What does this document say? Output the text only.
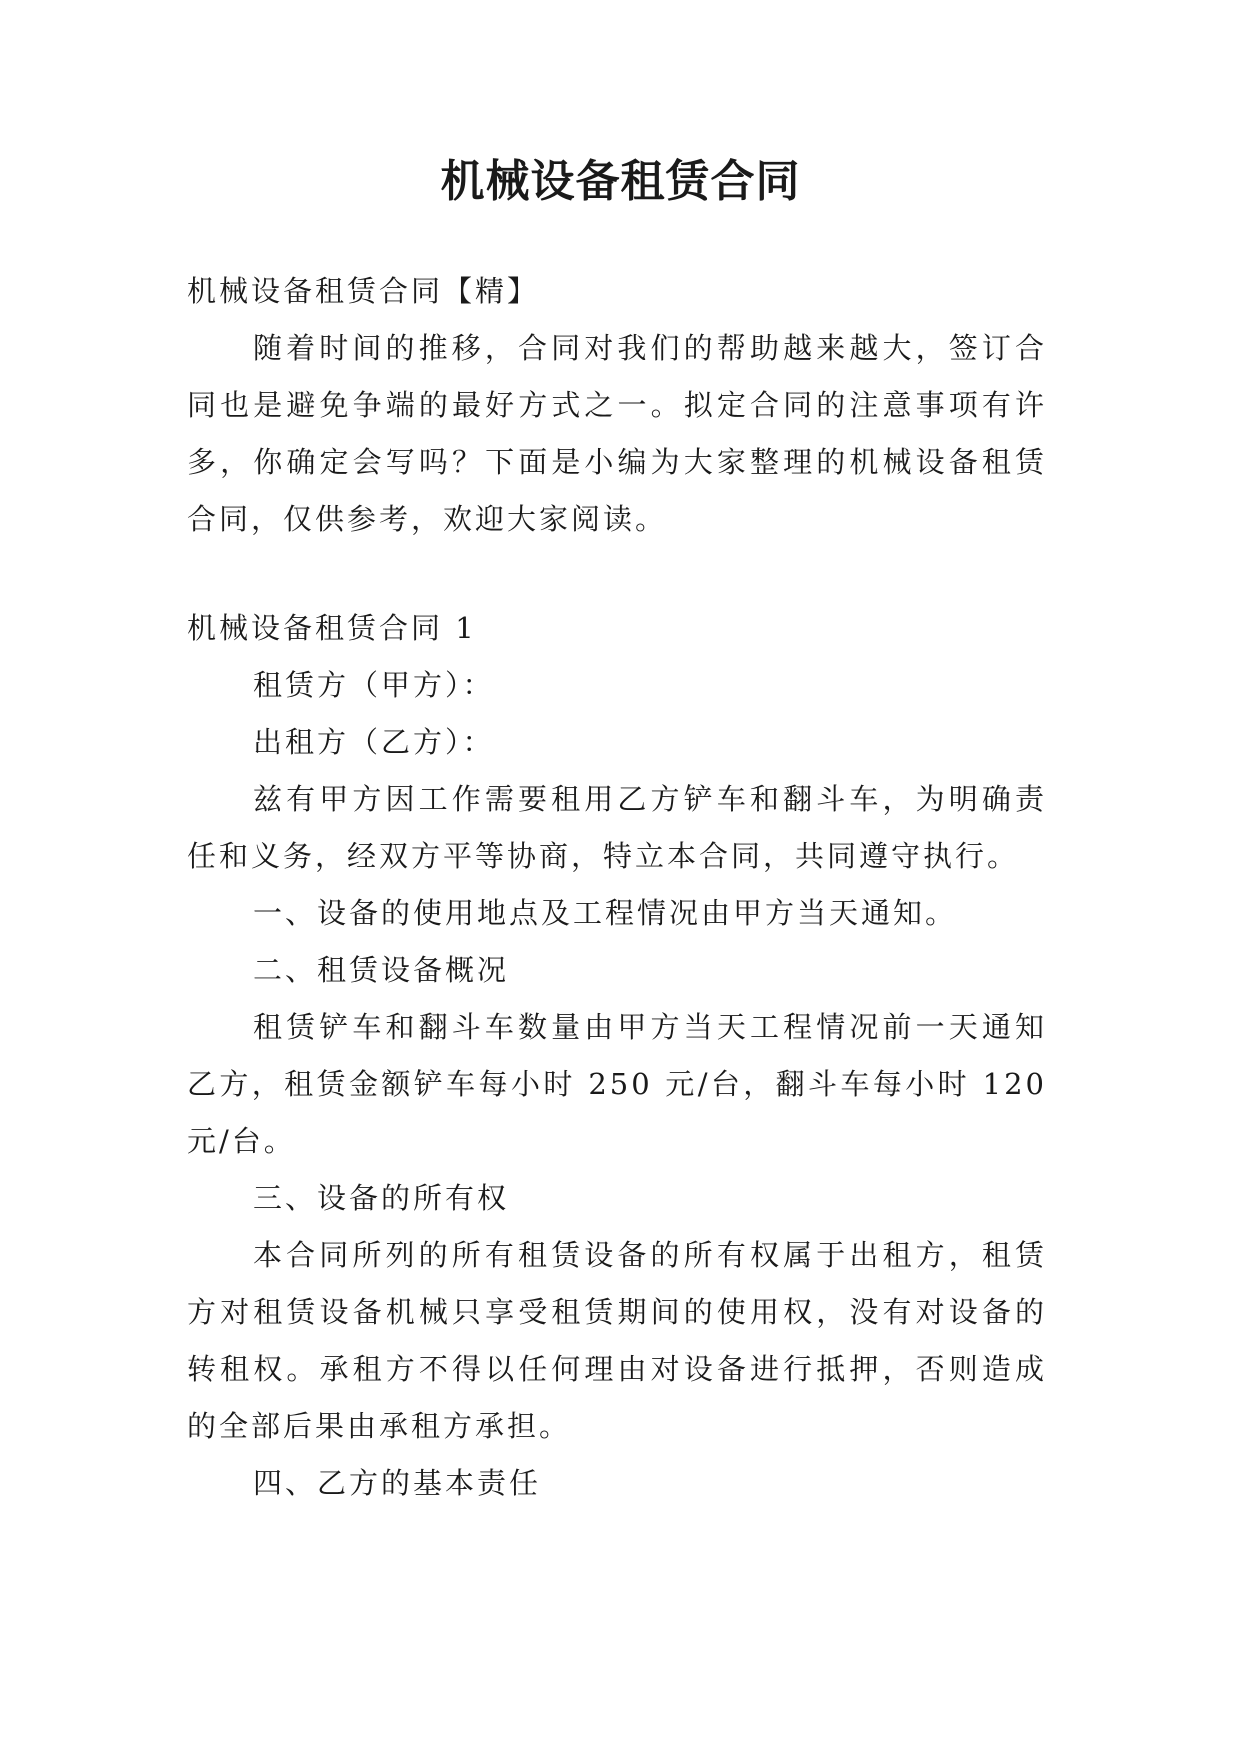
机械设备租赁合同

机械设备租赁合同【精】

随着时间的推移，合同对我们的帮助越来越大，签订合同也是避免争端的最好方式之一。拟定合同的注意事项有许多，你确定会写吗？下面是小编为大家整理的机械设备租赁合同，仅供参考，欢迎大家阅读。

机械设备租赁合同 1

租赁方（甲方）：

出租方（乙方）：

兹有甲方因工作需要租用乙方铲车和翻斗车，为明确责任和义务，经双方平等协商，特立本合同，共同遵守执行。

一、设备的使用地点及工程情况由甲方当天通知。

二、租赁设备概况

租赁铲车和翻斗车数量由甲方当天工程情况前一天通知乙方，租赁金额铲车每小时 250 元/台，翻斗车每小时 120 元/台。

三、设备的所有权

本合同所列的所有租赁设备的所有权属于出租方，租赁方对租赁设备机械只享受租赁期间的使用权，没有对设备的转租权。承租方不得以任何理由对设备进行抵押，否则造成的全部后果由承租方承担。

四、乙方的基本责任
